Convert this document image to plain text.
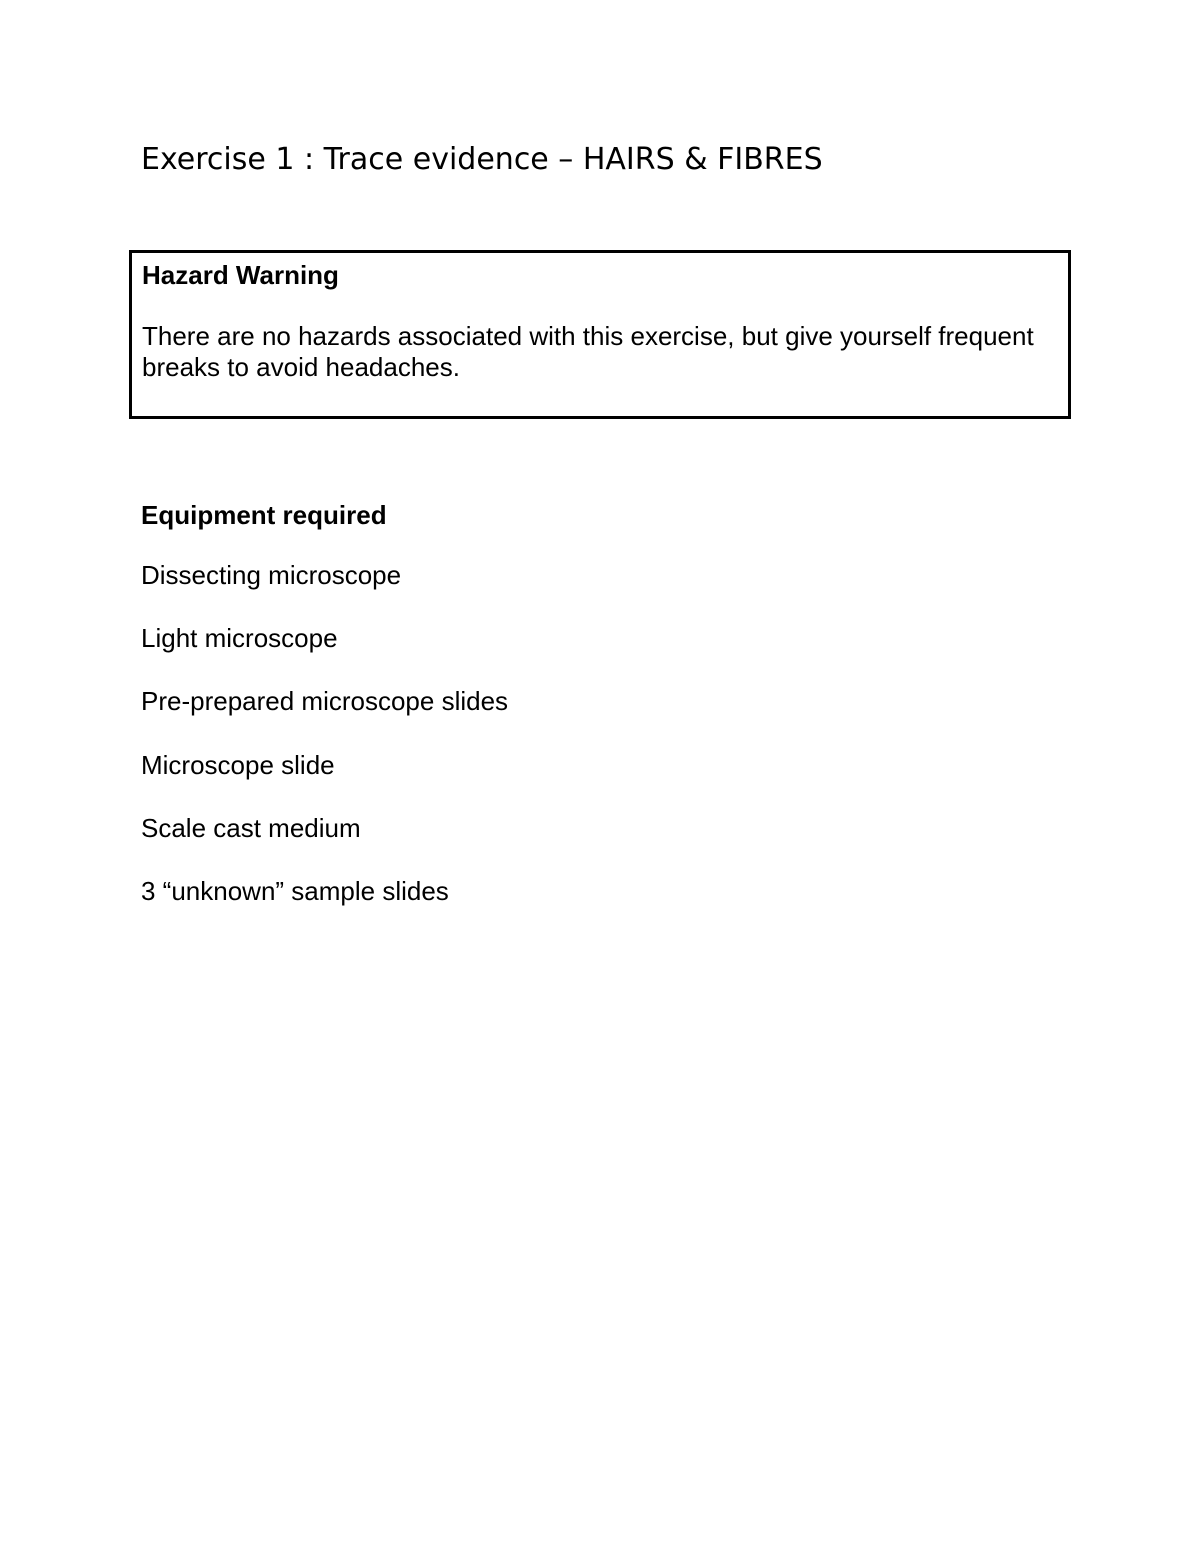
Exercise 1 : Trace evidence – HAIRS & FIBRES

Hazard Warning

There are no hazards associated with this exercise, but give yourself frequent breaks to avoid headaches.

Equipment required

Dissecting microscope
Light microscope
Pre-prepared microscope slides
Microscope slide
Scale cast medium
3 “unknown” sample slides
